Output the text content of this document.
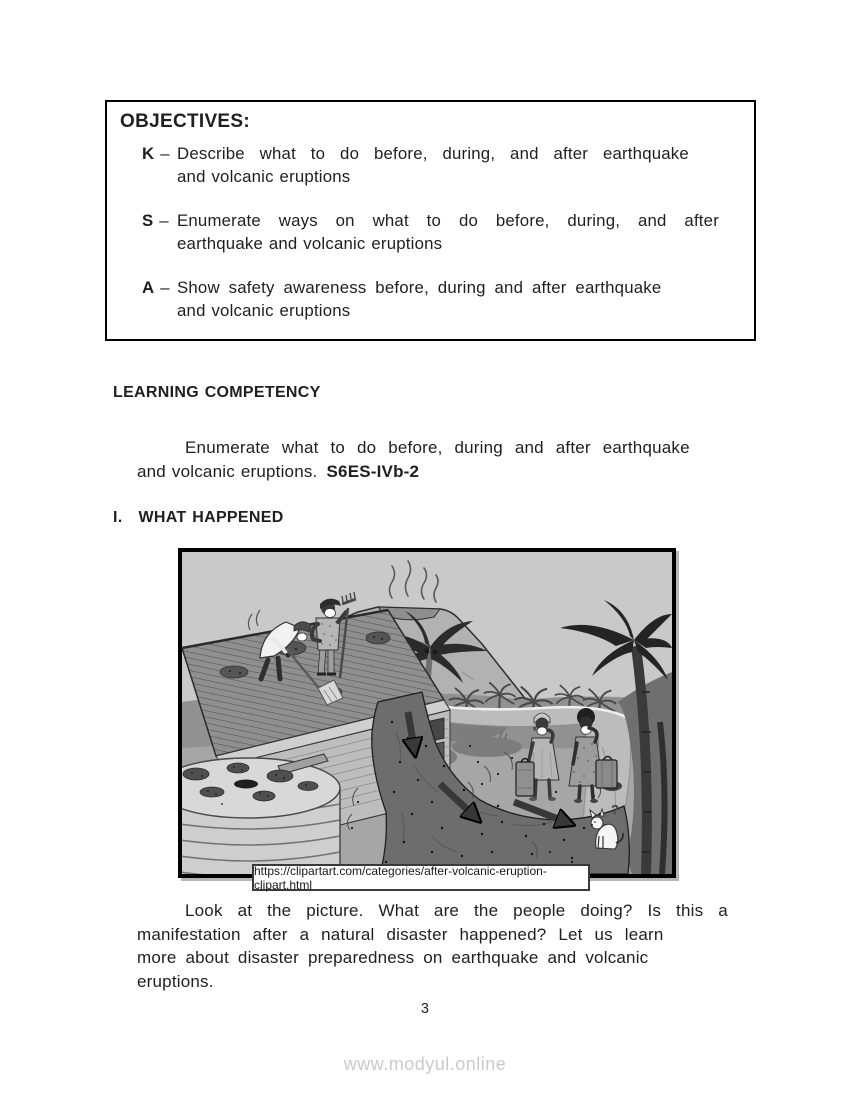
OBJECTIVES:
K – Describe what to do before, during, and after earthquake
and volcanic eruptions
S – Enumerate ways on what to do before, during, and after
earthquake and volcanic eruptions
A – Show safety awareness before, during and after earthquake
and volcanic eruptions
LEARNING COMPETENCY
Enumerate what to do before, during and after earthquake
and volcanic eruptions. S6ES-IVb-2
I. WHAT HAPPENED
?
https://clipartart.com/categories/after-volcanic-eruption-clipart.html
Look at the picture. What are the people doing? Is this a
manifestation after a natural disaster happened? Let us learn
more about disaster preparedness on earthquake and volcanic
eruptions.
3
www.modyul.online
